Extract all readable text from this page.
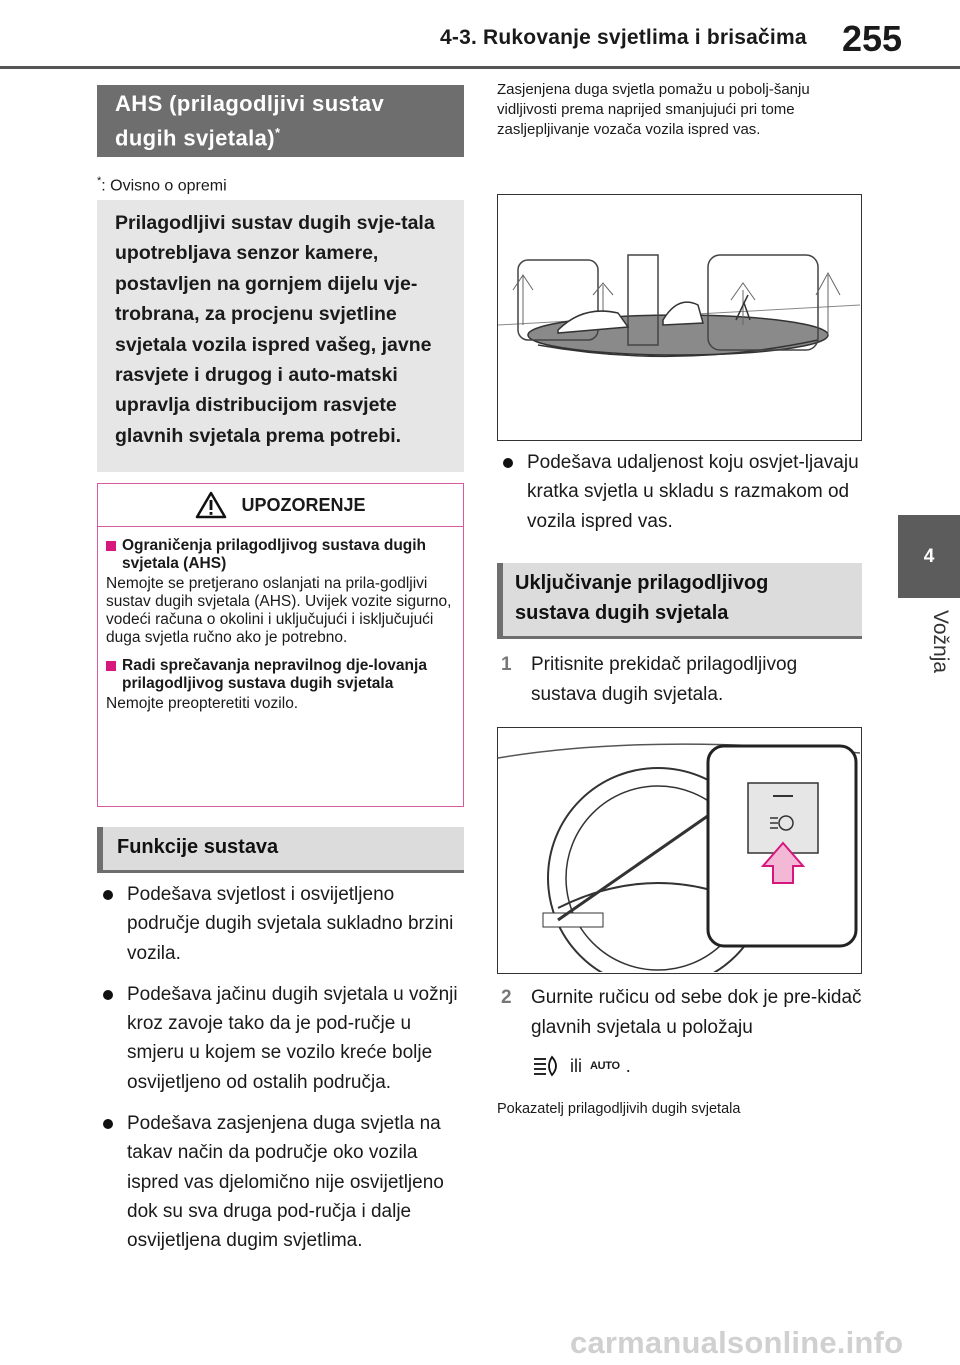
4-3. Rukovanje svjetlima i brisačima 255
4
Vožnja
AHS (prilagodljivi sustav
dugih svjetala)*
*: Ovisno o opremi
Prilagodljivi sustav dugih svje-tala upotrebljava senzor kamere, postavljen na gornjem dijelu vje-trobrana, za procjenu svjetline svjetala vozila ispred vašeg, javne rasvjete i drugog i auto-matski upravlja distribucijom rasvjete glavnih svjetala prema potrebi.
UPOZORENJE
Ograničenja prilagodljivog sustava dugih svjetala (AHS)
Nemojte se pretjerano oslanjati na prila-godljivi sustav dugih svjetala (AHS). Uvijek vozite sigurno, vodeći računa o okolini i uključujući i isključujući duga svjetla ručno ako je potrebno.
Radi sprečavanja nepravilnog dje-lovanja prilagodljivog sustava dugih svjetala
Nemojte preopteretiti vozilo.
Funkcije sustava
Podešava svjetlost i osvijetljeno područje dugih svjetala sukladno brzini vozila.
Podešava jačinu dugih svjetala u vožnji kroz zavoje tako da je pod-ručje u smjeru u kojem se vozilo kreće bolje osvijetljeno od ostalih područja.
Podešava zasjenjena duga svjetla na takav način da područje oko vozila ispred vas djelomično nije osvijetljeno dok su sva druga pod-ručja i dalje osvijetljena dugim svjetlima.
Zasjenjena duga svjetla pomažu u pobolj-šanju vidljivosti prema naprijed smanjujući pri tome zasljepljivanje vozača vozila ispred vas.
Podešava udaljenost koju osvjet-ljavaju kratka svjetla u skladu s razmakom od vozila ispred vas.
Uključivanje prilagodljivog
sustava dugih svjetala
1	Pritisnite prekidač prilagodljivog sustava dugih svjetala.
2	Gurnite ručicu od sebe dok je pre-kidač glavnih svjetala u položaju
ili AUTO .
Pokazatelj prilagodljivih dugih svjetala
carmanualsonline.info
